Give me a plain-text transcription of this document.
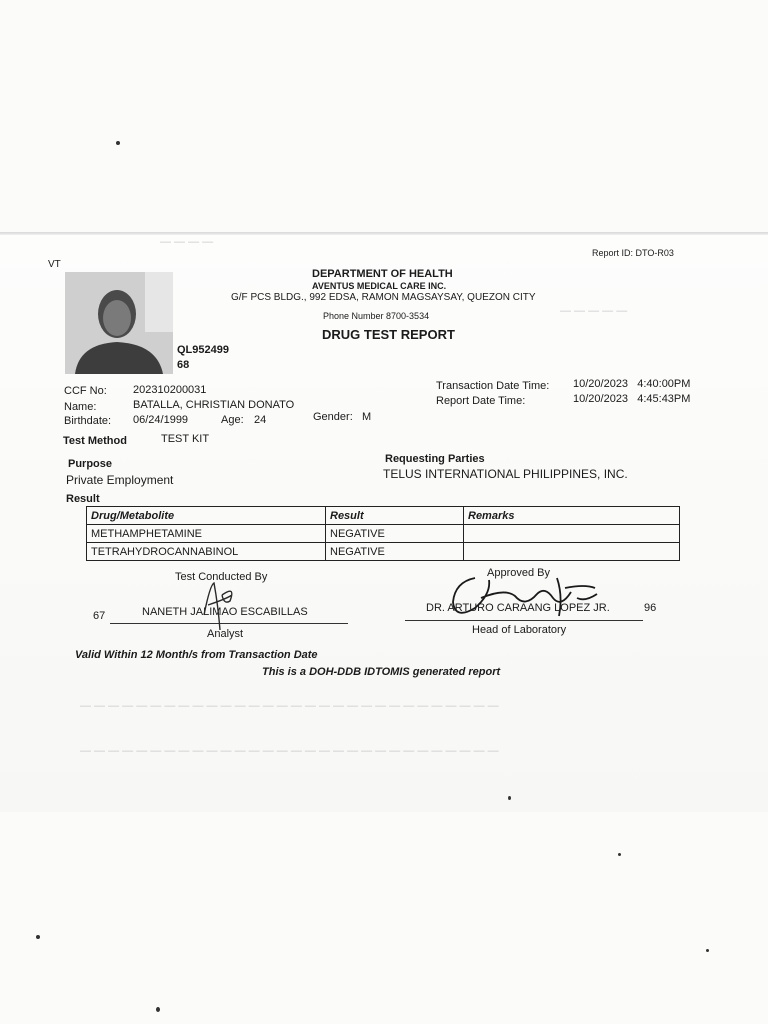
— — — —
— — — — —
— — — — — — — — — — — — — — — — — — — — — — — — — — — — — —
— — — — — — — — — — — — — — — — — — — — — — — — — — — — — —
VT
Report ID: DTO-R03
QL952499
68
DEPARTMENT OF HEALTH
AVENTUS MEDICAL CARE INC.
G/F PCS BLDG., 992 EDSA, RAMON MAGSAYSAY, QUEZON CITY
Phone Number 8700-3534
DRUG TEST REPORT
CCF No: 202310200031
Name:	BATALLA, CHRISTIAN DONATO
Birthdate: 06/24/1999	Age: 24	Gender: M
Transaction Date Time: 10/20/2023   4:40:00PM
Report Date Time:	10/20/2023   4:45:43PM
Test Method	TEST KIT
Purpose
Private Employment
Requesting Parties
TELUS INTERNATIONAL PHILIPPINES, INC.
Result
Drug/Metabolite	Result	Remarks
METHAMPHETAMINE	NEGATIVE	
TETRAHYDROCANNABINOL	NEGATIVE	
Test Conducted By
67	NANETH JALIMAO ESCABILLAS
Analyst
Approved By
DR. ARTURO CARAANG LOPEZ JR.	96
Head of Laboratory
Valid Within 12 Month/s from Transaction Date
This is a DOH-DDB IDTOMIS generated report
